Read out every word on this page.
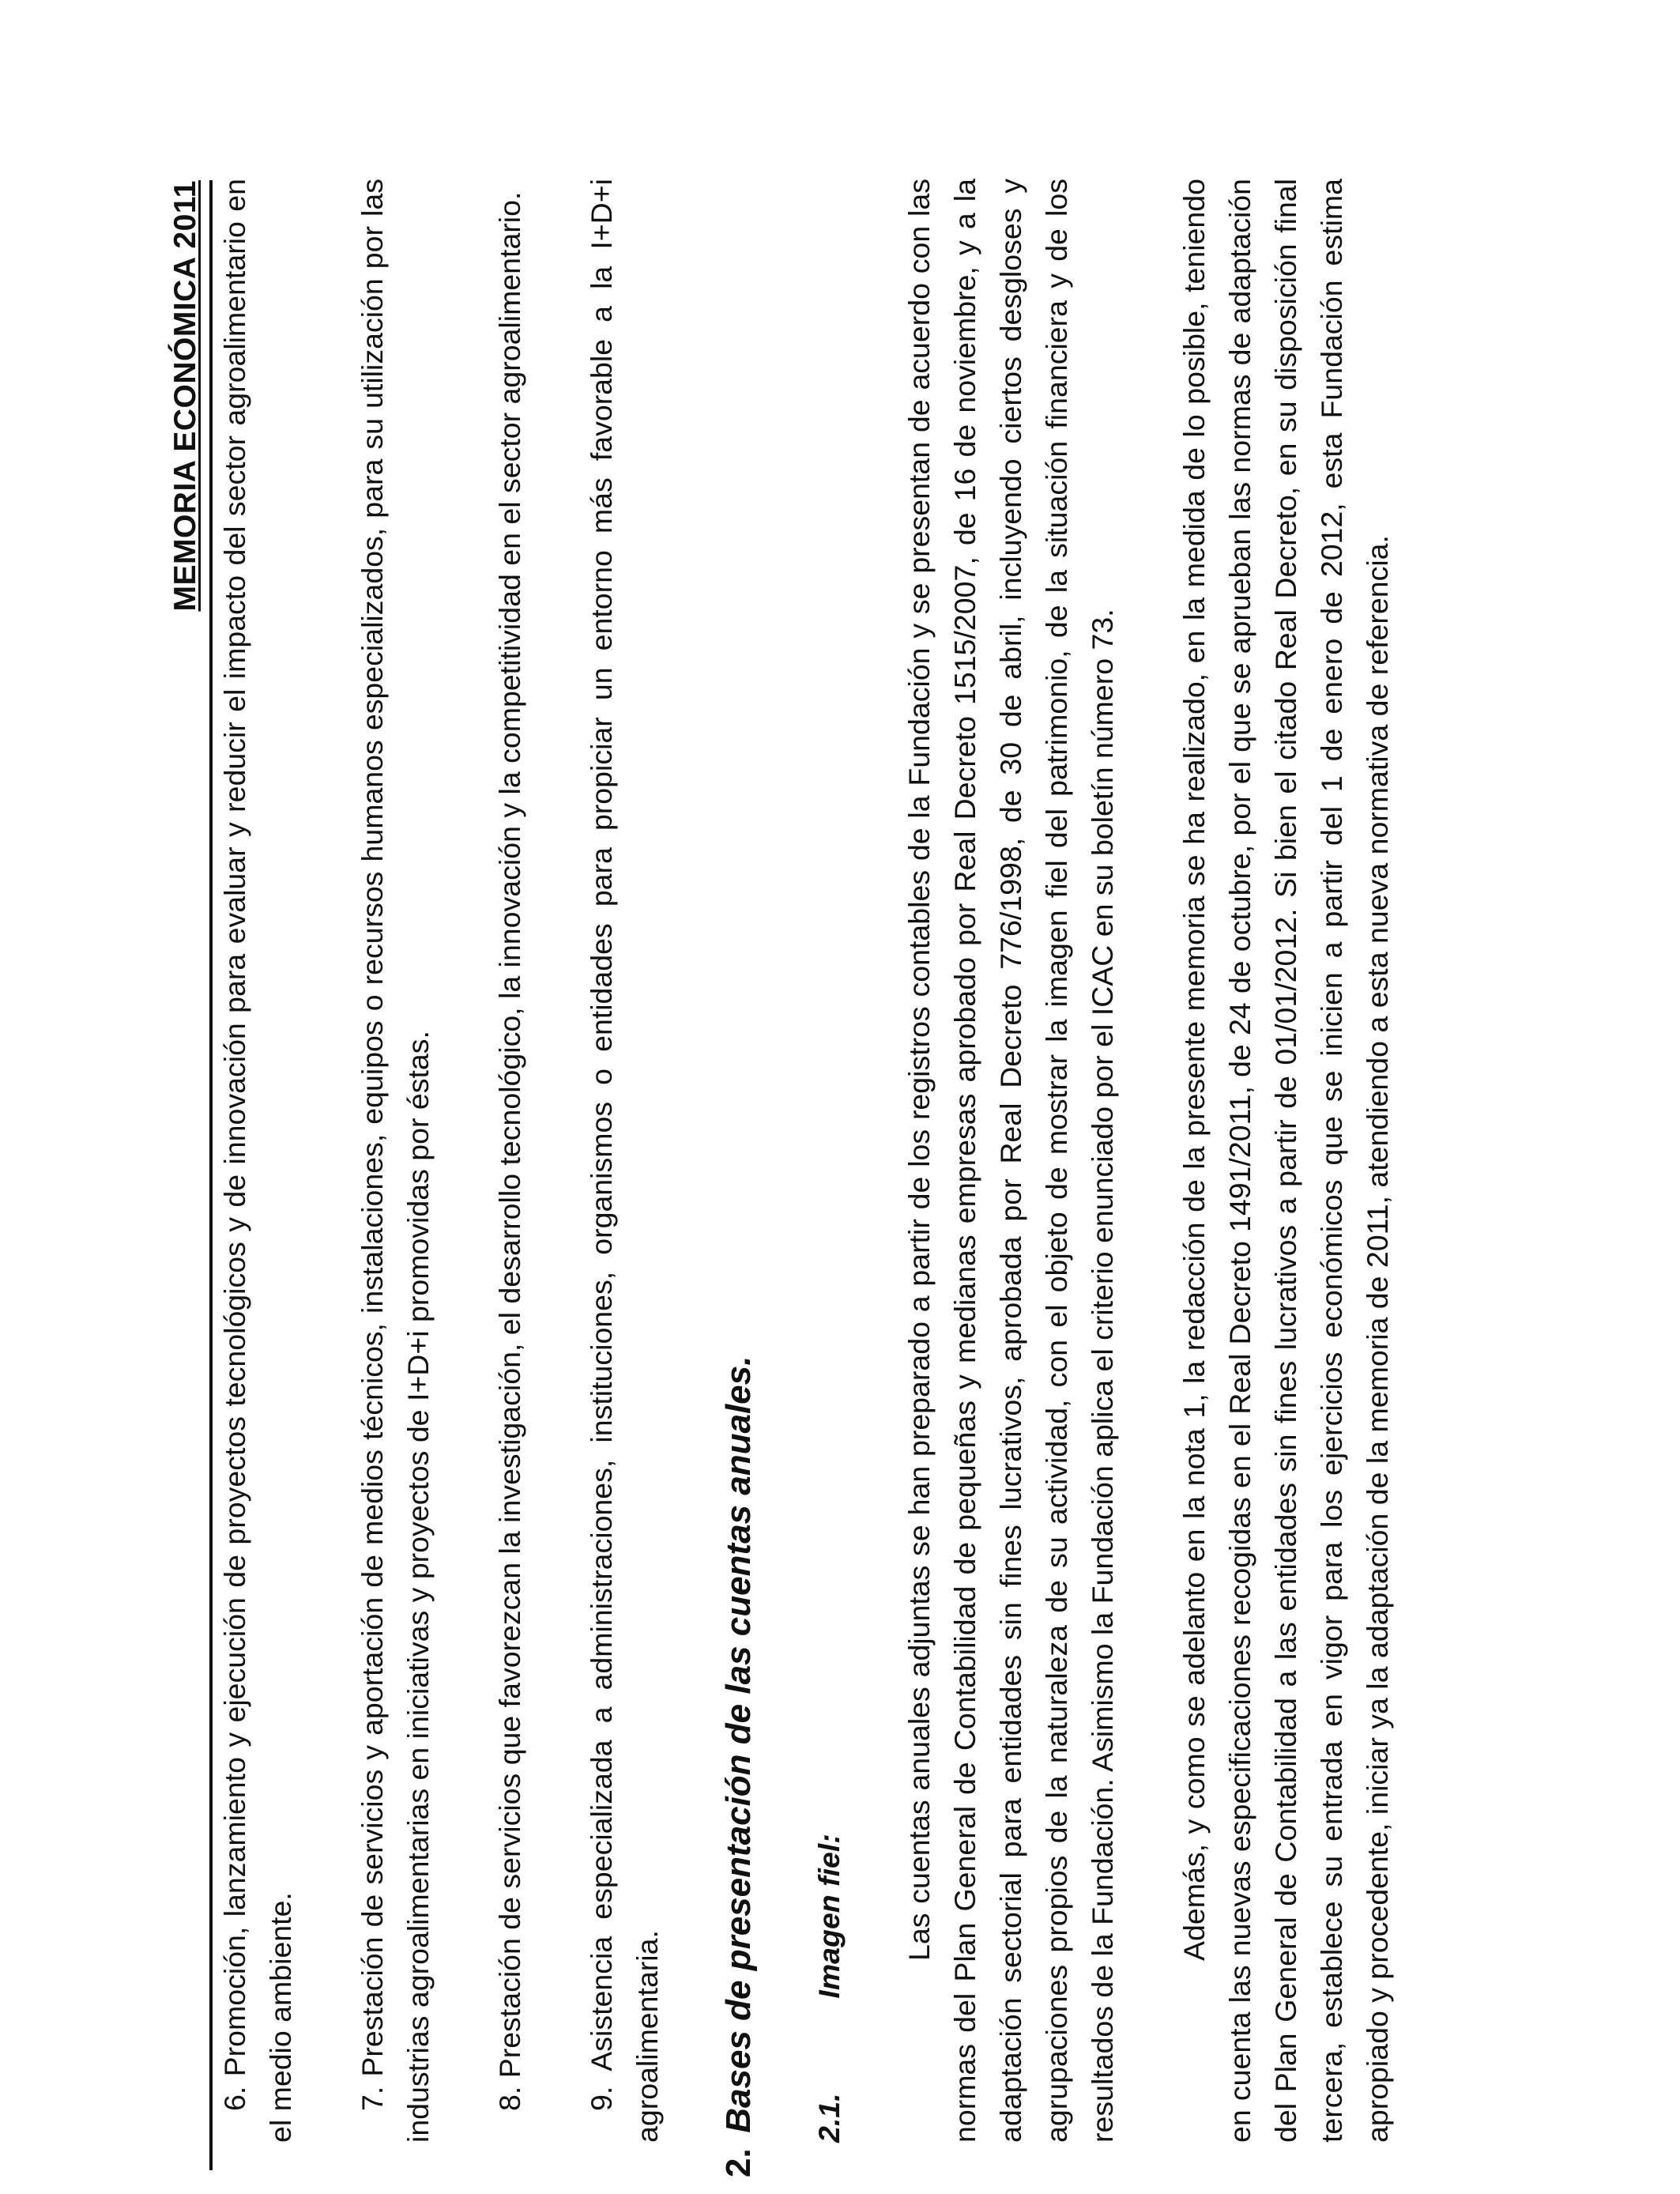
MEMORIA ECONÓMICA 2011 6. Promoción, lanzamiento y ejecución de proyectos tecnológicos y de innovación para evaluar y reducir el impacto del sector agroalimentario en el medio ambiente. 7. Prestación de servicios y aportación de medios técnicos, instalaciones, equipos o recursos humanos especializados, para su utilización por las industrias agroalimentarias en iniciativas y proyectos de I+D+i promovidas por éstas. 8. Prestación de servicios que favorezcan la investigación, el desarrollo tecnológico, la innovación y la competitividad en el sector agroalimentario. 9. Asistencia especializada a administraciones, instituciones, organismos o entidades para propiciar un entorno más favorable a la I+D+i agroalimentaria.

2. Bases de presentación de las cuentas anuales. 2.1. Imagen fiel: Las cuentas anuales adjuntas se han preparado a partir de los registros contables de la Fundación y se presentan de acuerdo con las normas del Plan General de Contabilidad de pequeñas y medianas empresas aprobado por Real Decreto 1515/2007, de 16 de noviembre, y a la adaptación sectorial para entidades sin fines lucrativos, aprobada por Real Decreto 776/1998, de 30 de abril, incluyendo ciertos desgloses y agrupaciones propios de la naturaleza de su actividad, con el objeto de mostrar la imagen fiel del patrimonio, de la situación financiera y de los resultados de la Fundación. Asimismo la Fundación aplica el criterio enunciado por el ICAC en su boletín número 73. Además, y como se adelanto en la nota 1, la redacción de la presente memoria se ha realizado, en la medida de lo posible, teniendo en cuenta las nuevas especificaciones recogidas en el Real Decreto 1491/2011, de 24 de octubre, por el que se aprueban las normas de adaptación del Plan General de Contabilidad a las entidades sin fines lucrativos a partir de 01/01/2012. Si bien el citado Real Decreto, en su disposición final tercera, establece su entrada en vigor para los ejercicios económicos que se inicien a partir del 1 de enero de 2012, esta Fundación estima apropiado y procedente, iniciar ya la adaptación de la memoria de 2011, atendiendo a esta nueva normativa de referencia.
